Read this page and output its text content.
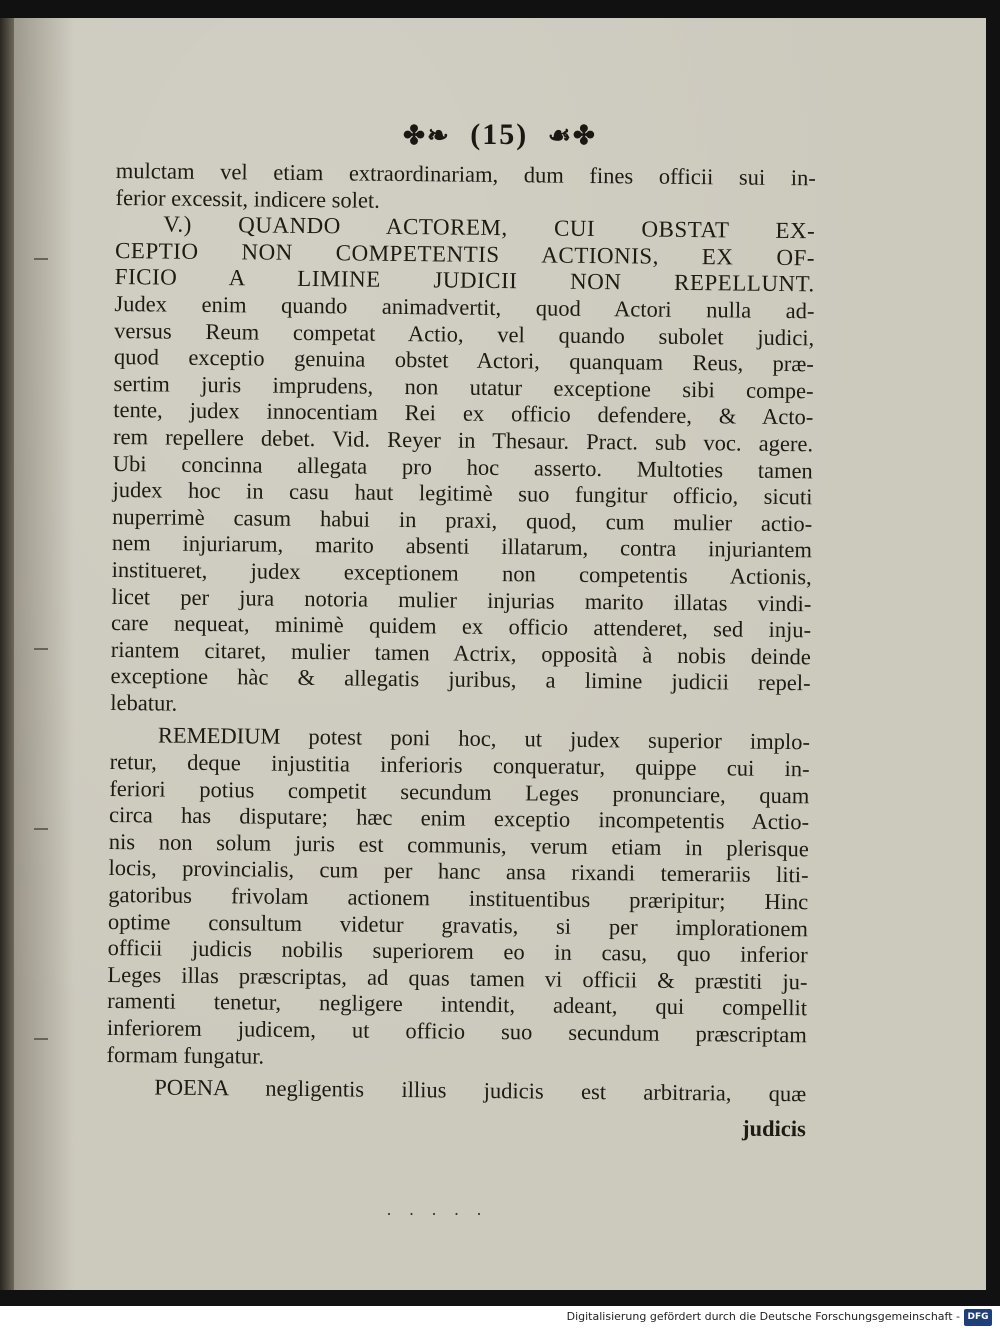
✤❧ (15) ☙✤
mulctam vel etiam extraordinariam, dum fines officii sui in-
ferior excessit, indicere solet.
V.) QUANDO ACTOREM, CUI OBSTAT EX-
CEPTIO NON COMPETENTIS ACTIONIS, EX OF-
FICIO A LIMINE JUDICII NON REPELLUNT.
Judex enim quando animadvertit, quod Actori nulla ad-
versus Reum competat Actio, vel quando subolet judici,
quod exceptio genuina obstet Actori, quanquam Reus, præ-
sertim juris imprudens, non utatur exceptione sibi compe-
tente, judex innocentiam Rei ex officio defendere, & Acto-
rem repellere debet. Vid. Reyer in Thesaur. Pract. sub voc. agere.
Ubi concinna allegata pro hoc asserto. Multoties tamen
judex hoc in casu haut legitimè suo fungitur officio, sicuti
nuperrimè casum habui in praxi, quod, cum mulier actio-
nem injuriarum, marito absenti illatarum, contra injuriantem
institueret, judex exceptionem non competentis Actionis,
licet per jura notoria mulier injurias marito illatas vindi-
care nequeat, minimè quidem ex officio attenderet, sed inju-
riantem citaret, mulier tamen Actrix, opposità à nobis deinde
exceptione hàc & allegatis juribus, a limine judicii repel-
lebatur.
REMEDIUM potest poni hoc, ut judex superior implo-
retur, deque injustitia inferioris conqueratur, quippe cui in-
feriori potius competit secundum Leges pronunciare, quam
circa has disputare; hæc enim exceptio incompetentis Actio-
nis non solum juris est communis, verum etiam in plerisque
locis, provincialis, cum per hanc ansa rixandi temerariis liti-
gatoribus frivolam actionem instituentibus præripitur; Hinc
optime consultum videtur gravatis, si per implorationem
officii judicis nobilis superiorem eo in casu, quo inferior
Leges illas præscriptas, ad quas tamen vi officii & præstiti ju-
ramenti tenetur, negligere intendit, adeant, qui compellit
inferiorem judicem, ut officio suo secundum præscriptam
formam fungatur.
POENA negligentis illius judicis est arbitraria, quæ
judicis
· · · · ·
Digitalisierung gefördert durch die Deutsche Forschungsgemeinschaft - DFG
